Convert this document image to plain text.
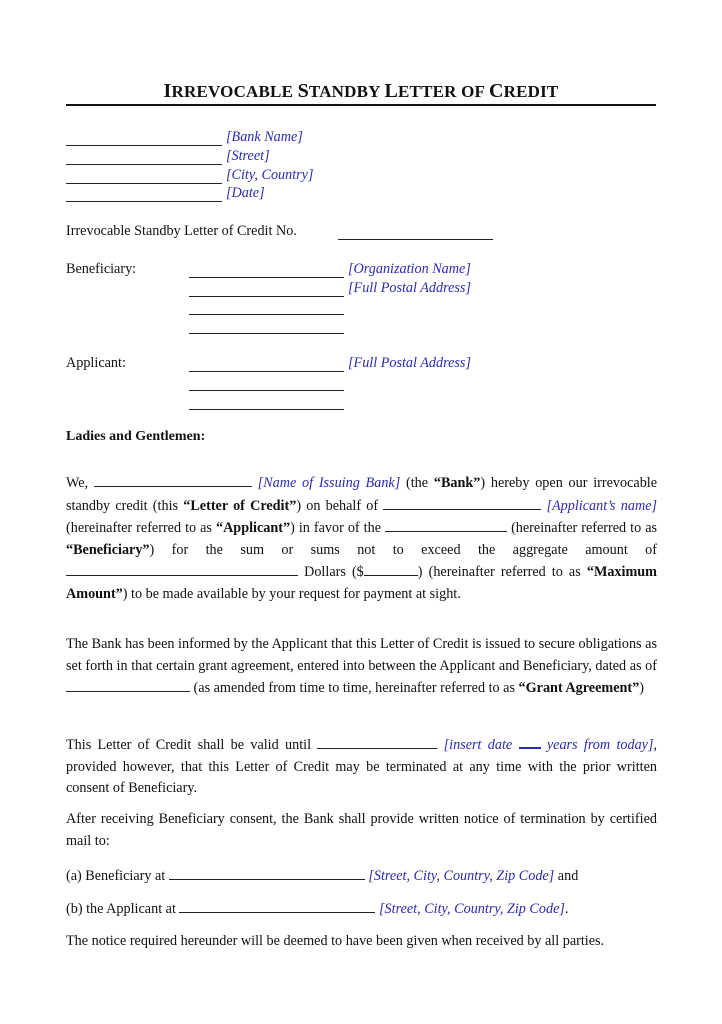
IRREVOCABLE STANDBY LETTER OF CREDIT
[Bank Name]
[Street]
[City, Country]
[Date]
Irrevocable Standby Letter of Credit No.
Beneficiary:	[Organization Name]
[Full Postal Address]
Applicant:	[Full Postal Address]
Ladies and Gentlemen:
We,	[Name of Issuing Bank] (the “Bank”) hereby open our irrevocable standby credit (this “Letter of Credit”) on behalf of	[Applicant’s name] (hereinafter referred to as “Applicant”) in favor of the	(hereinafter referred to as “Beneficiary”) for the sum or sums not to exceed the aggregate amount of  Dollars ($	) (hereinafter referred to as “Maximum Amount”) to be made available by your request for payment at sight.
The Bank has been informed by the Applicant that this Letter of Credit is issued to secure obligations as set forth in that certain grant agreement, entered into between the Applicant and Beneficiary, dated as of  (as amended from time to time, hereinafter referred to as “Grant Agreement”)
This Letter of Credit shall be valid until	[insert date years from today], provided however, that this Letter of Credit may be terminated at any time with the prior written consent of Beneficiary.
After receiving Beneficiary consent, the Bank shall provide written notice of termination by certified mail to:
(a) Beneficiary at	[Street, City, Country, Zip Code] and
(b) the Applicant at	[Street, City, Country, Zip Code].
The notice required hereunder will be deemed to have been given when received by all parties.
